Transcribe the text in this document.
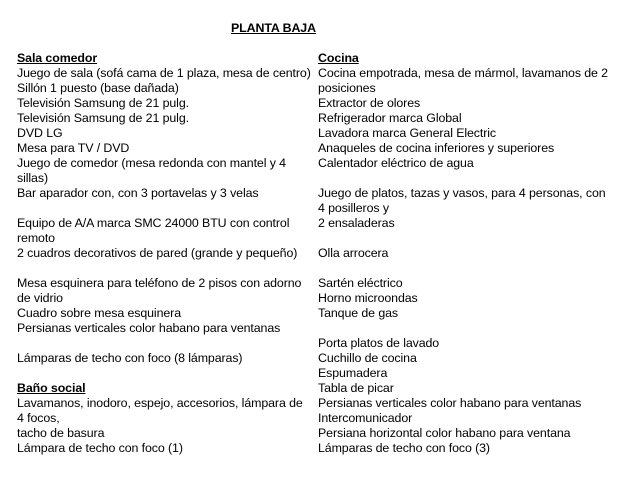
PLANTA BAJA
Sala comedor
Juego de sala (sofá cama de 1 plaza, mesa de centro)
Sillón 1 puesto (base dañada)
Televisión Samsung de 21 pulg.
Televisión Samsung de 21 pulg.
DVD LG
Mesa para TV / DVD
Juego de comedor (mesa redonda con mantel y 4
sillas)
Bar aparador con, con 3 portavelas y 3 velas
Equipo de A/A marca SMC 24000 BTU con control
remoto
2 cuadros decorativos de pared (grande y pequeño)
Mesa esquinera para teléfono de 2 pisos con adorno
de vidrio
Cuadro sobre mesa esquinera
Persianas verticales color habano para ventanas
Lámparas de techo con foco (8 lámparas)
Baño social
Lavamanos, inodoro, espejo, accesorios, lámpara de
4 focos,
tacho de basura
Lámpara de techo con foco (1)
Cocina
Cocina empotrada, mesa de mármol, lavamanos de 2
posiciones
Extractor de olores
Refrigerador marca Global
Lavadora marca General Electric
Anaqueles de cocina inferiores y superiores
Calentador eléctrico de agua
Juego de platos, tazas y vasos, para 4 personas, con
4 posilleros y
2 ensaladeras
Olla arrocera
Sartén eléctrico
Horno microondas
Tanque de gas
Porta platos de lavado
Cuchillo de cocina
Espumadera
Tabla de picar
Persianas verticales color habano para ventanas
Intercomunicador
Persiana horizontal color habano para ventana
Lámparas de techo con foco (3)
